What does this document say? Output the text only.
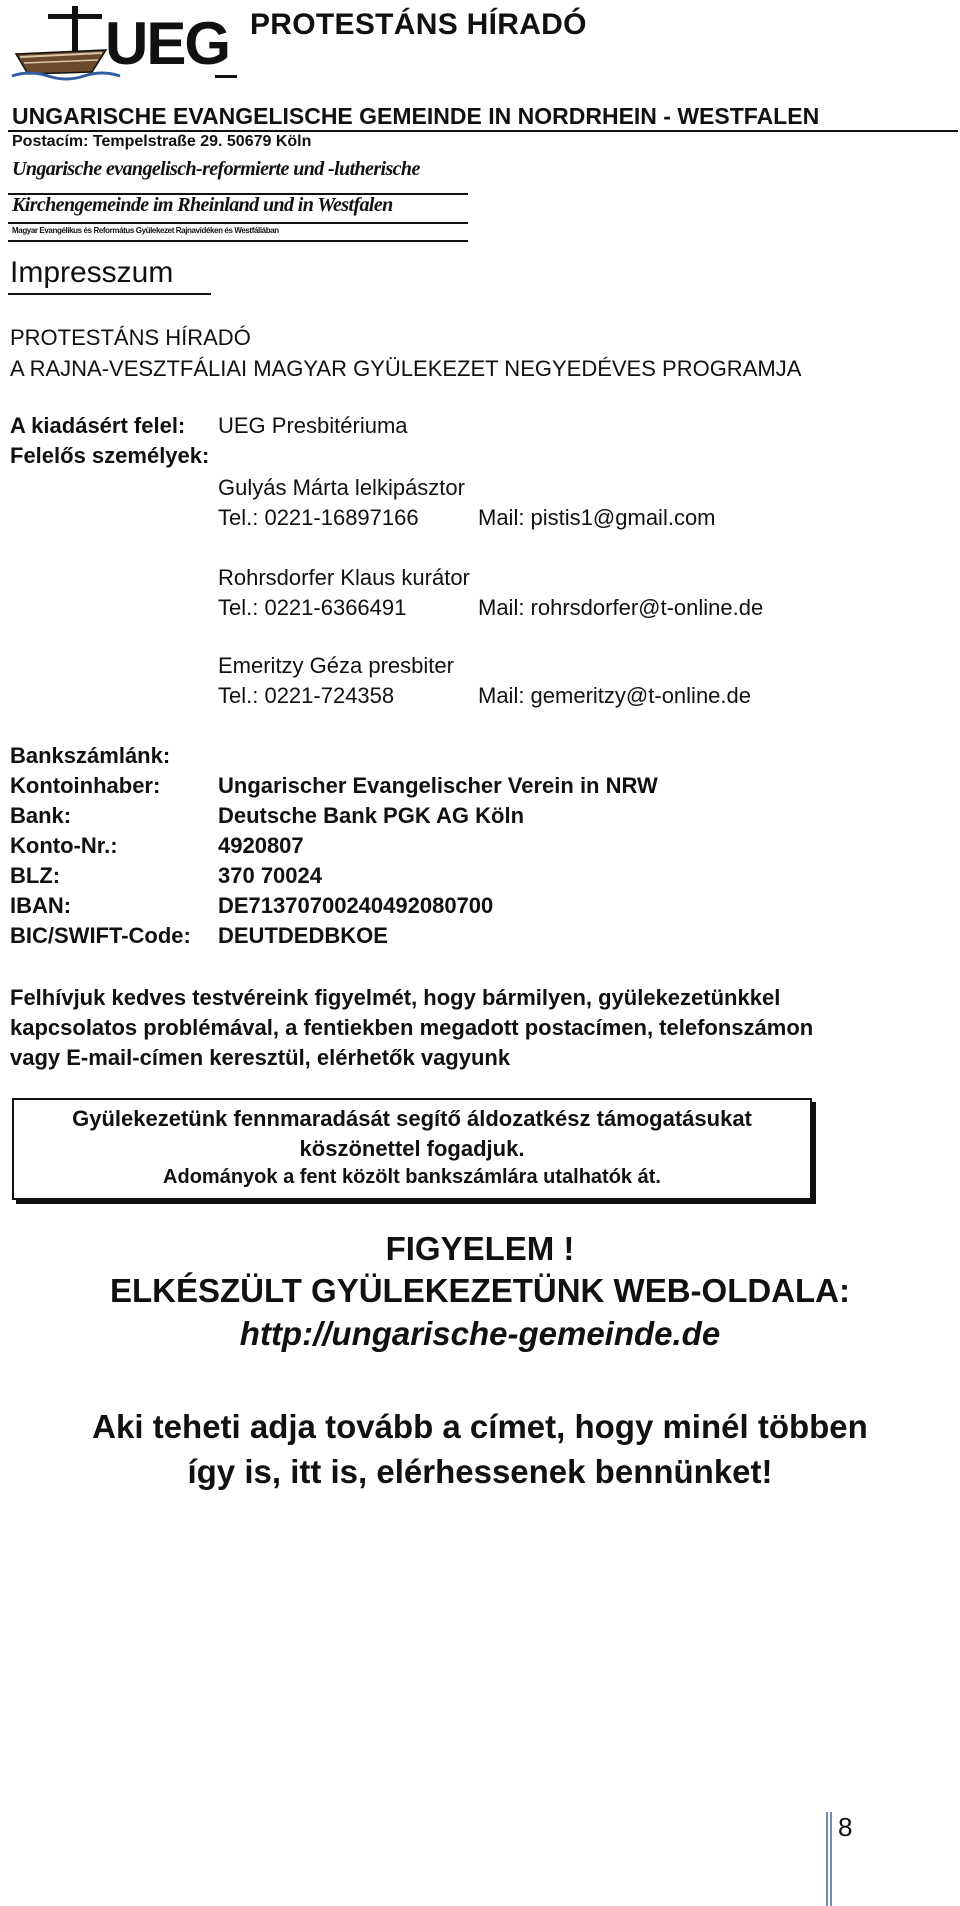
UEG PROTESTÁNS HÍRADÓ
UNGARISCHE EVANGELISCHE GEMEINDE IN NORDRHEIN - WESTFALEN
Postacím: Tempelstraße 29. 50679 Köln
Ungarische evangelisch-reformierte und -lutherische
Kirchengemeinde im Rheinland und in Westfalen
Magyar Evangélikus és Református Gyülekezet Rajnavidéken és Westfáliában
Impresszum
PROTESTÁNS HÍRADÓ
A RAJNA-VESZTFÁLIAI MAGYAR GYÜLEKEZET NEGYEDÉVES PROGRAMJA
A kiadásért felel: UEG Presbitériuma
Felelős személyek:
Gulyás Márta lelkipásztor
Tel.: 0221-16897166	Mail: pistis1@gmail.com
Rohrsdorfer Klaus kurátor
Tel.: 0221-6366491	Mail: rohrsdorfer@t-online.de
Emeritzy Géza presbiter
Tel.: 0221-724358	Mail: gemeritzy@t-online.de
Bankszámlánk:
Kontoinhaber:	Ungarischer Evangelischer Verein in NRW
Bank:	Deutsche Bank PGK AG Köln
Konto-Nr.:	4920807
BLZ:	370 70024
IBAN:	DE71370700240492080700
BIC/SWIFT-Code: DEUTDEDBKOE
Felhívjuk kedves testvéreink figyelmét, hogy bármilyen, gyülekezetünkkel
kapcsolatos problémával, a fentiekben megadott postacímen, telefonszámon
vagy E-mail-címen keresztül, elérhetők vagyunk
Gyülekezetünk fennmaradását segítő áldozatkész támogatásukat
köszönettel fogadjuk.
Adományok a fent közölt bankszámlára utalhatók át.
FIGYELEM !
ELKÉSZÜLT GYÜLEKEZETÜNK WEB-OLDALA:
http://ungarische-gemeinde.de
Aki teheti adja tovább a címet, hogy minél többen
így is, itt is, elérhessenek bennünket!
8
